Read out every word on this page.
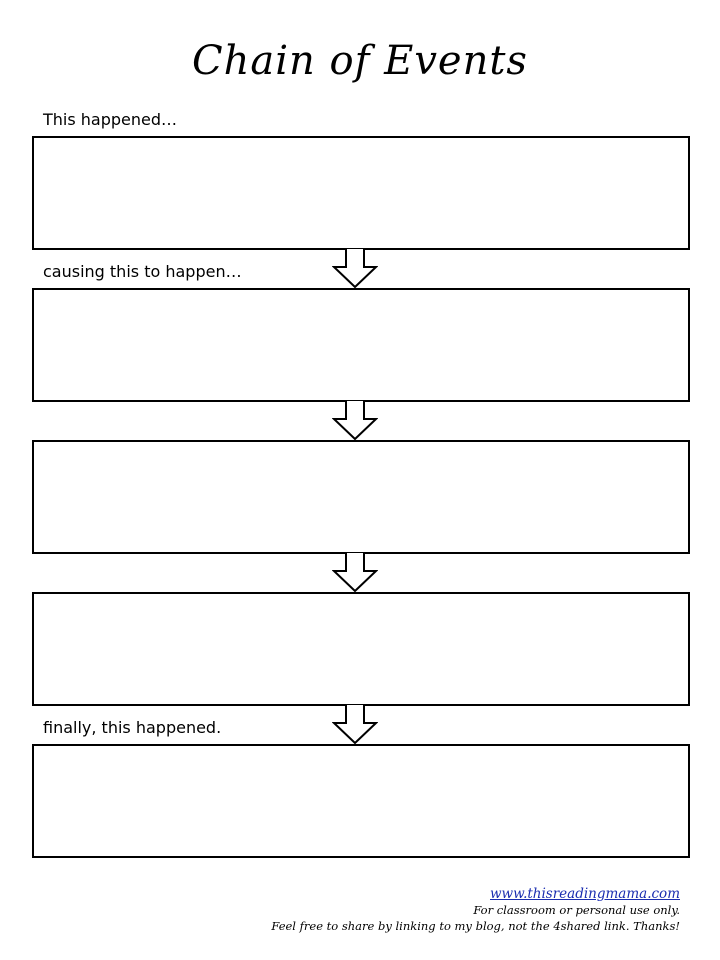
Chain of Events
This happened…
causing this to happen…
finally, this happened.
www.thisreadingmama.com
For classroom or personal use only.
Feel free to share by linking to my blog, not the 4shared link. Thanks!
